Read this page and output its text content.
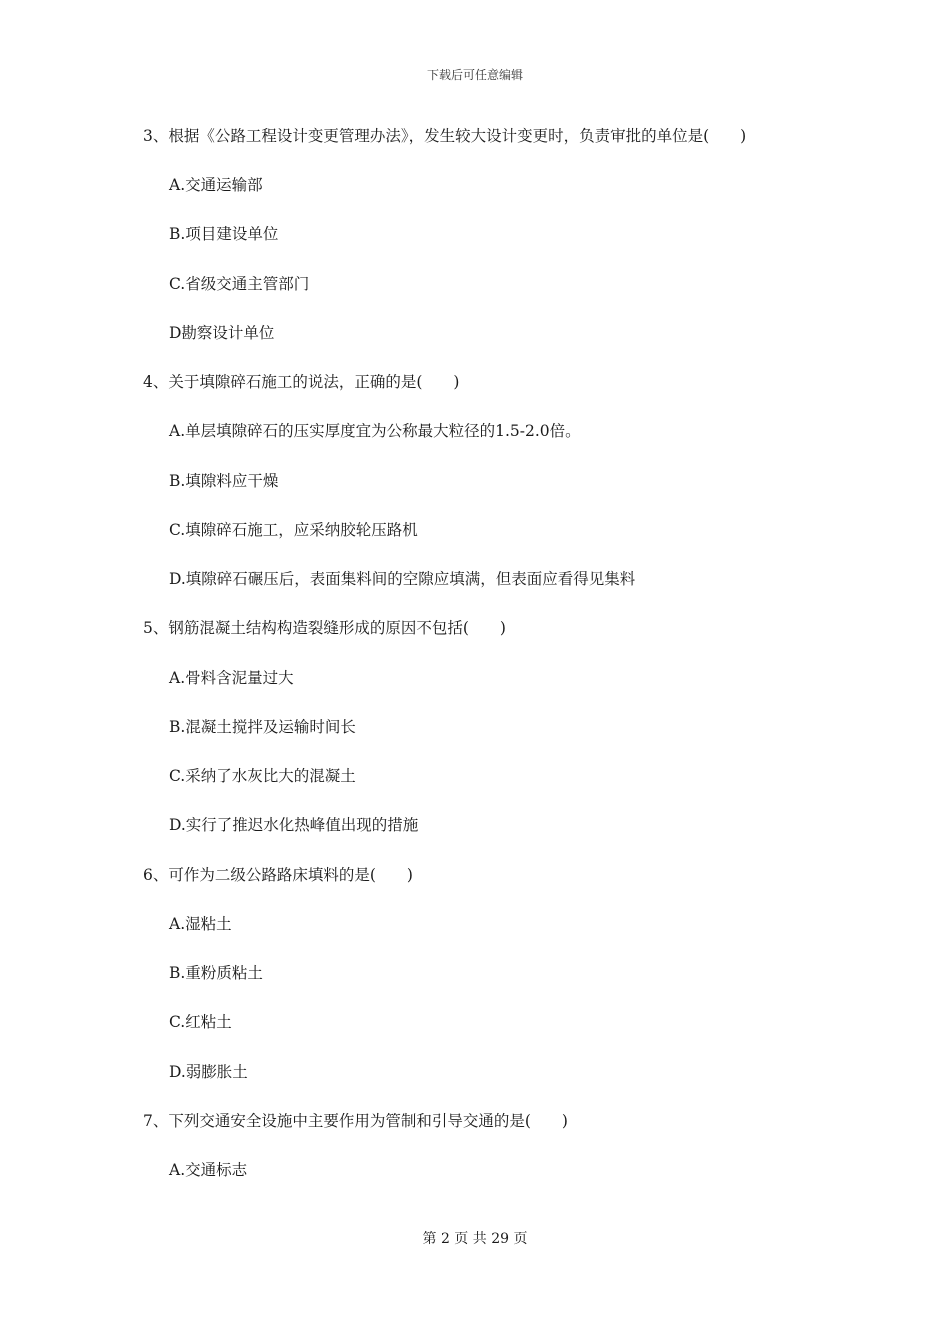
下载后可任意编辑
3、根据《公路工程设计变更管理办法》，发生较大设计变更时，负责审批的单位是(　　)
A.交通运输部
B.项目建设单位
C.省级交通主管部门
D勘察设计单位
4、关于填隙碎石施工的说法，正确的是(　　)
A.单层填隙碎石的压实厚度宜为公称最大粒径的1.5-2.0倍。
B.填隙料应干燥
C.填隙碎石施工，应采纳胶轮压路机
D.填隙碎石碾压后，表面集料间的空隙应填满，但表面应看得见集料
5、钢筋混凝土结构构造裂缝形成的原因不包括(　　)
A.骨料含泥量过大
B.混凝土搅拌及运输时间长
C.采纳了水灰比大的混凝土
D.实行了推迟水化热峰值出现的措施
6、可作为二级公路路床填料的是(　　)
A.湿粘土
B.重粉质粘土
C.红粘土
D.弱膨胀土
7、下列交通安全设施中主要作用为管制和引导交通的是(　　)
A.交通标志
第 2 页 共 29 页
